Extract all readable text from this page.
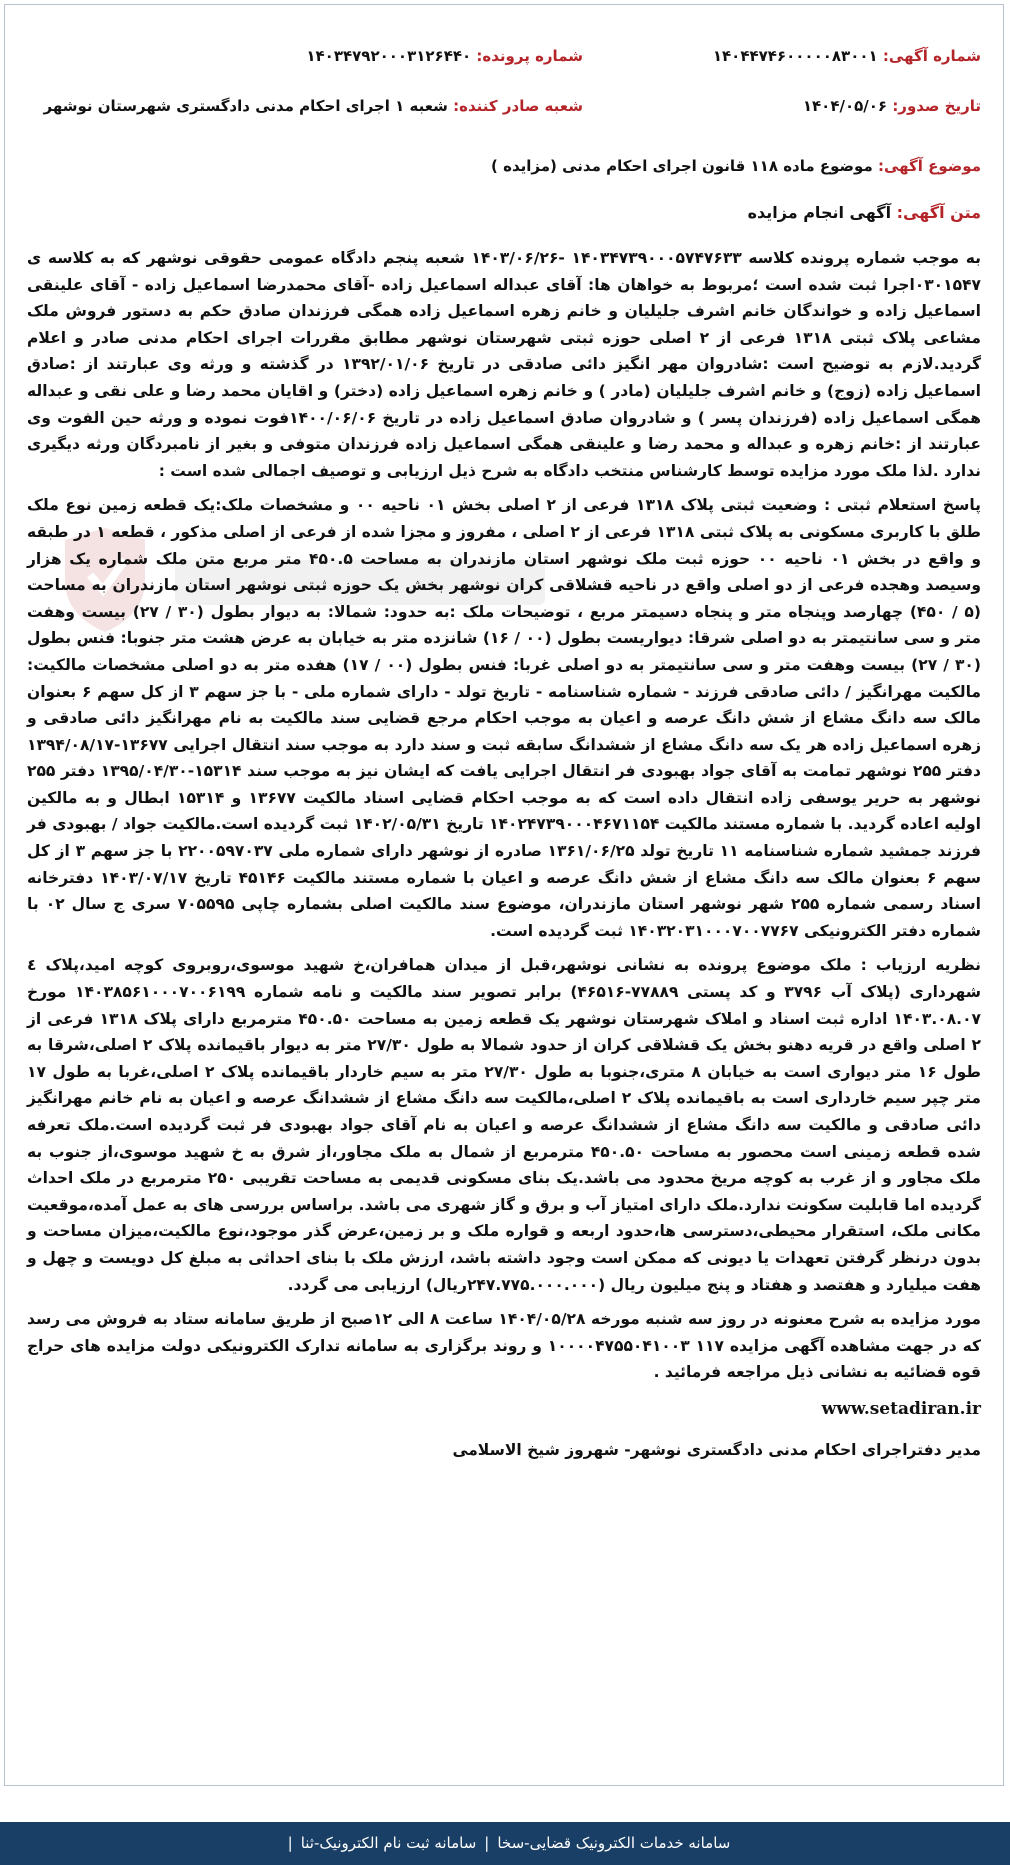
شماره آگهی: ۱۴۰۴۴۷۴۶۰۰۰۰۰۸۳۰۰۱
شماره پرونده: ۱۴۰۳۴۷۹۲۰۰۰۳۱۲۶۴۴۰
تاریخ صدور: ۱۴۰۴/۰۵/۰۶
شعبه صادر کننده: شعبه ۱ اجرای احکام مدنی دادگستری شهرستان نوشهر
موضوع آگهی: موضوع ماده ۱۱۸ قانون اجرای احکام مدنی (مزایده )
متن آگهی: آگهی انجام مزایده

به موجب شماره پرونده کلاسه ۱۴۰۳۴۷۳۹۰۰۰۵۷۴۷۶۳۳ -۱۴۰۳/۰۶/۲۶ شعبه پنجم دادگاه عمومی حقوقی نوشهر که به کلاسه ی ۰۳۰۱۵۴۷اجرا ثبت شده است ؛مربوط به خواهان ها: آقای عبداله اسماعیل زاده -آقای محمدرضا اسماعیل زاده - آقای علینقی اسماعیل زاده و خواندگان خانم اشرف جلیلیان و خانم زهره اسماعیل زاده همگی فرزندان صادق حکم به دستور فروش ملک مشاعی پلاک ثبتی ۱۳۱۸ فرعی از ۲ اصلی حوزه ثبتی شهرستان نوشهر مطابق مقررات اجرای احکام مدنی صادر و اعلام گردید.لازم به توضیح است :شادروان مهر انگیز دائی صادقی در تاریخ ۱۳۹۲/۰۱/۰۶ در گذشته و ورثه وی عبارتند از :صادق اسماعیل زاده (زوج) و خانم اشرف جلیلیان (مادر ) و خانم زهره اسماعیل زاده (دختر) و اقایان محمد رضا و علی نقی و عبداله همگی اسماعیل زاده (فرزندان پسر ) و شادروان صادق اسماعیل زاده در تاریخ ۱۴۰۰/۰۶/۰۶فوت نموده و ورثه حین الفوت وی عبارتند از :خانم زهره و عبداله و محمد رضا و علینقی همگی اسماعیل زاده فرزندان متوفی و بغیر از نامبردگان ورثه دیگیری ندارد .لذا ملک مورد مزایده توسط کارشناس منتخب دادگاه به شرح ذیل ارزیابی و توصیف اجمالی شده است :

پاسخ استعلام ثبتی : وضعیت ثبتی پلاک ۱۳۱۸ فرعی از ۲ اصلی بخش ۰۱ ناحیه ۰۰ و مشخصات ملک:یک قطعه زمین نوع ملک طلق با کاربری مسکونی به پلاک ثبتی ۱۳۱۸ فرعی از ۲ اصلی ، مفروز و مجزا شده از فرعی از اصلی مذکور ، قطعه ۱ در طبقه و واقع در بخش ۰۱ ناحیه ۰۰ حوزه ثبت ملک نوشهر استان مازندران به مساحت ۴۵۰.۵ متر مربع متن ملک شماره یک هزار وسیصد وهجده فرعی از دو اصلی واقع در ناحیه قشلاقی کران نوشهر بخش یک حوزه ثبتی نوشهر استان مازندران به مساحت (۵ / ۴۵۰) چهارصد وپنجاه متر و پنجاه دسیمتر مربع ، توضیحات ملک :به حدود: شمالا: به دیوار بطول (۳۰ / ۲۷) بیست وهفت متر و سی سانتیمتر به دو اصلی شرقا: دیواریست بطول (۰۰ / ۱۶) شانزده متر به خیابان به عرض هشت متر جنوبا: فنس بطول (۳۰ / ۲۷) بیست وهفت متر و سی سانتیمتر به دو اصلی غربا: فنس بطول (۰۰ / ۱۷) هفده متر به دو اصلی مشخصات مالکیت: مالکیت مهرانگیز / دائی صادقی فرزند - شماره شناسنامه - تاریخ تولد - دارای شماره ملی - با جز سهم ۳ از کل سهم ۶ بعنوان مالک سه دانگ مشاع از شش دانگ عرصه و اعیان به موجب احکام مرجع قضایی سند مالکیت به نام مهرانگیز دائی صادقی و زهره اسماعیل زاده هر یک سه دانگ مشاع از ششدانگ سابقه ثبت و سند دارد به موجب سند انتقال اجرایی ۱۳۶۷۷-۱۳۹۴/۰۸/۱۷ دفتر ۲۵۵ نوشهر تمامت به آقای جواد بهبودی فر انتقال اجرایی یافت که ایشان نیز به موجب سند ۱۵۳۱۴-۱۳۹۵/۰۴/۳۰ دفتر ۲۵۵ نوشهر به حریر یوسفی زاده انتقال داده است که به موجب احکام قضایی اسناد مالکیت ۱۳۶۷۷ و ۱۵۳۱۴ ابطال و به مالکین اولیه اعاده گردید. با شماره مستند مالکیت ۱۴۰۲۴۷۳۹۰۰۰۴۶۷۱۱۵۴ تاریخ ۱۴۰۲/۰۵/۳۱ ثبت گردیده است.مالکیت جواد / بهبودی فر فرزند جمشید شماره شناسنامه ۱۱ تاریخ تولد ۱۳۶۱/۰۶/۲۵ صادره از نوشهر دارای شماره ملی ۲۲۰۰۵۹۷۰۳۷ با جز سهم ۳ از کل سهم ۶ بعنوان مالک سه دانگ مشاع از شش دانگ عرصه و اعیان با شماره مستند مالکیت ۴۵۱۴۶ تاریخ ۱۴۰۳/۰۷/۱۷ دفترخانه اسناد رسمی شماره ۲۵۵ شهر نوشهر استان مازندران، موضوع سند مالکیت اصلی بشماره چاپی ۷۰۵۵۹۵ سری ج سال ۰۲ با شماره دفتر الکترونیکی ۱۴۰۳۲۰۳۱۰۰۰۷۰۰۷۷۶۷ ثبت گردیده است.

نظریه ارزیاب : ملک موضوع پرونده به نشانی نوشهر،قبل از میدان همافران،خ شهید موسوی،روبروی کوچه امید،پلاک ٤ شهرداری (پلاک آب ۳۷۹۶ و کد پستی ۷۷۸۸۹-۴۶۵۱۶) برابر تصویر سند مالکیت و نامه شماره ۱۴۰۳۸۵۶۱۰۰۰۷۰۰۶۱۹۹ مورخ ۱۴۰۳.۰۸.۰۷ اداره ثبت اسناد و املاک شهرستان نوشهر یک قطعه زمین به مساحت ۴۵۰.۵۰ مترمربع دارای پلاک ۱۳۱۸ فرعی از ۲ اصلی واقع در قریه دهنو بخش یک قشلاقی کران از حدود شمالا به طول ۲۷/۳۰ متر به دیوار باقیمانده پلاک ۲ اصلی،شرقا به طول ۱۶ متر دیواری است به خیابان ۸ متری،جنوبا به طول ۲۷/۳۰ متر به سیم خاردار باقیمانده پلاک ۲ اصلی،غربا به طول ۱۷ متر چپر سیم خارداری است به باقیمانده پلاک ۲ اصلی،مالکیت سه دانگ مشاع از ششدانگ عرصه و اعیان به نام خانم مهرانگیز دائی صادقی و مالکیت سه دانگ مشاع از ششدانگ عرصه و اعیان به نام آقای جواد بهبودی فر ثبت گردیده است.ملک تعرفه شده قطعه زمینی است محصور به مساحت ۴۵۰.۵۰ مترمربع از شمال به ملک مجاور،از شرق به خ شهید موسوی،از جنوب به ملک مجاور و از غرب به کوچه مریخ محدود می باشد.یک بنای مسکونی قدیمی به مساحت تقریبی ۲۵۰ مترمربع در ملک احداث گردیده اما قابلیت سکونت ندارد.ملک دارای امتیاز آب و برق و گاز شهری می باشد. براساس بررسی های به عمل آمده،موقعیت مکانی ملک، استقرار محیطی،دسترسی ها،حدود اربعه و قواره ملک و بر زمین،عرض گذر موجود،نوع مالکیت،میزان مساحت و بدون درنظر گرفتن تعهدات یا دیونی که ممکن است وجود داشته باشد، ارزش ملک با بنای احداثی به مبلغ کل دویست و چهل و هفت میلیارد و هفتصد و هفتاد و پنج میلیون ریال (۲۴۷.۷۷۵.۰۰۰.۰۰۰ریال) ارزیابی می گردد.

مورد مزایده به شرح معنونه در روز سه شنبه مورخه ۱۴۰۴/۰۵/۲۸ ساعت ۸ الی ۱۲صبح از طریق سامانه ستاد به فروش می رسد که در جهت مشاهده آگهی مزایده ۱۱۷ ۱۰۰۰۰۴۷۵۵۰۴۱۰۰۳ و روند برگزاری به سامانه تدارک الکترونیکی دولت مزایده های حراج قوه قضائیه به نشانی ذیل مراجعه فرمائید .

www.setadiran.ir

مدیر دفتراجرای احکام مدنی دادگستری نوشهر- شهروز شیخ الاسلامی

سامانه خدمات الکترونیک قضایی-سخا|سامانه ثبت نام الکترونیک-ثنا|
